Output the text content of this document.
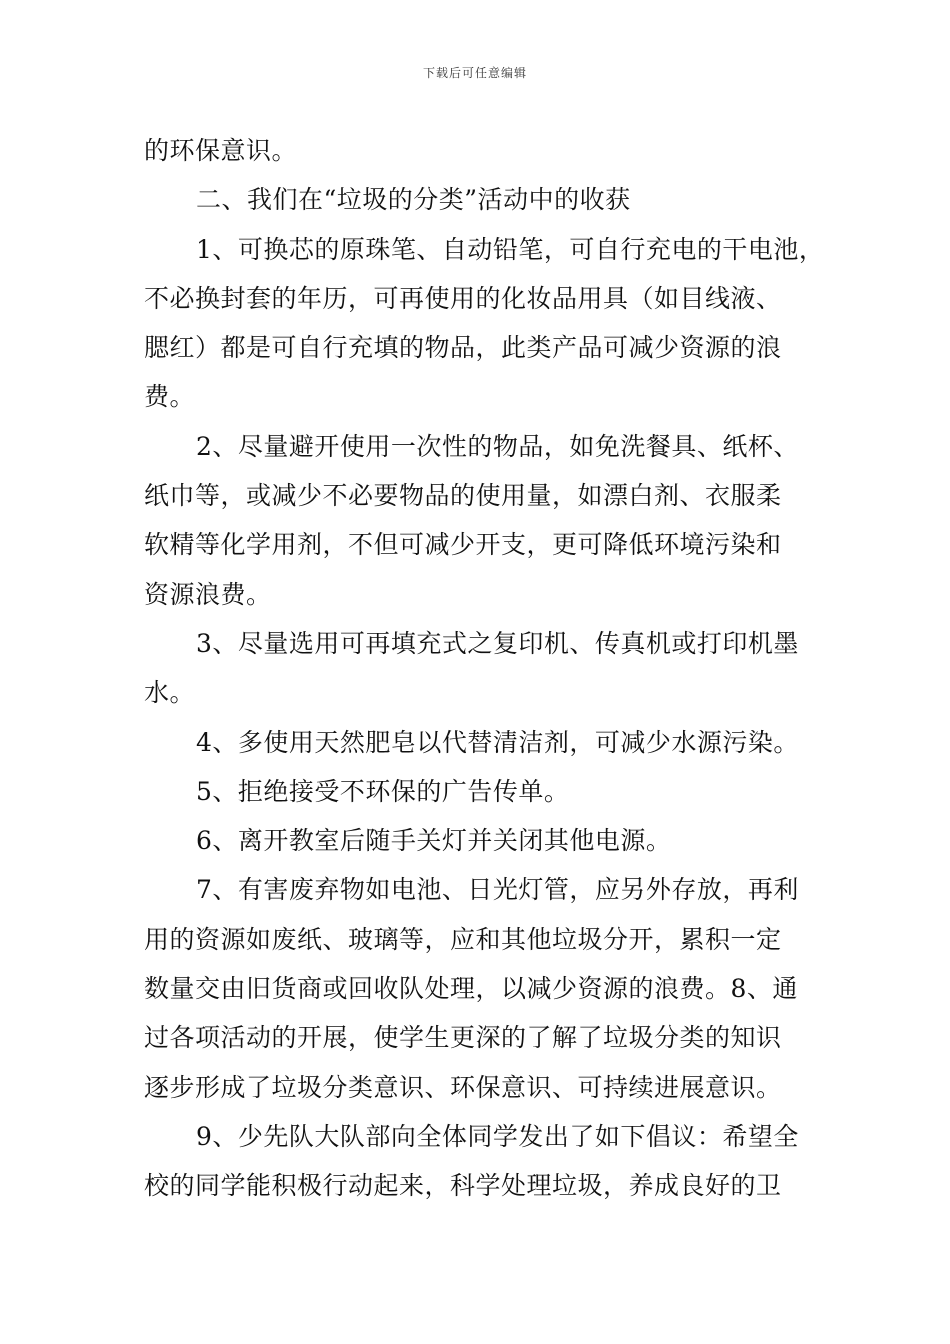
下载后可任意编辑
的环保意识。
二、我们在“垃圾的分类”活动中的收获
1、可换芯的原珠笔、自动铅笔，可自行充电的干电池，
不必换封套的年历，可再使用的化妆品用具（如目线液、
腮红）都是可自行充填的物品，此类产品可减少资源的浪
费。
2、尽量避开使用一次性的物品，如免洗餐具、纸杯、
纸巾等，或减少不必要物品的使用量，如漂白剂、衣服柔
软精等化学用剂，不但可减少开支，更可降低环境污染和
资源浪费。
3、尽量选用可再填充式之复印机、传真机或打印机墨
水。
4、多使用天然肥皂以代替清洁剂，可减少水源污染。
5、拒绝接受不环保的广告传单。
6、离开教室后随手关灯并关闭其他电源。
7、有害废弃物如电池、日光灯管，应另外存放，再利
用的资源如废纸、玻璃等，应和其他垃圾分开，累积一定
数量交由旧货商或回收队处理，以减少资源的浪费。8、通
过各项活动的开展，使学生更深的了解了垃圾分类的知识
逐步形成了垃圾分类意识、环保意识、可持续进展意识。
9、少先队大队部向全体同学发出了如下倡议：希望全
校的同学能积极行动起来，科学处理垃圾，养成良好的卫
